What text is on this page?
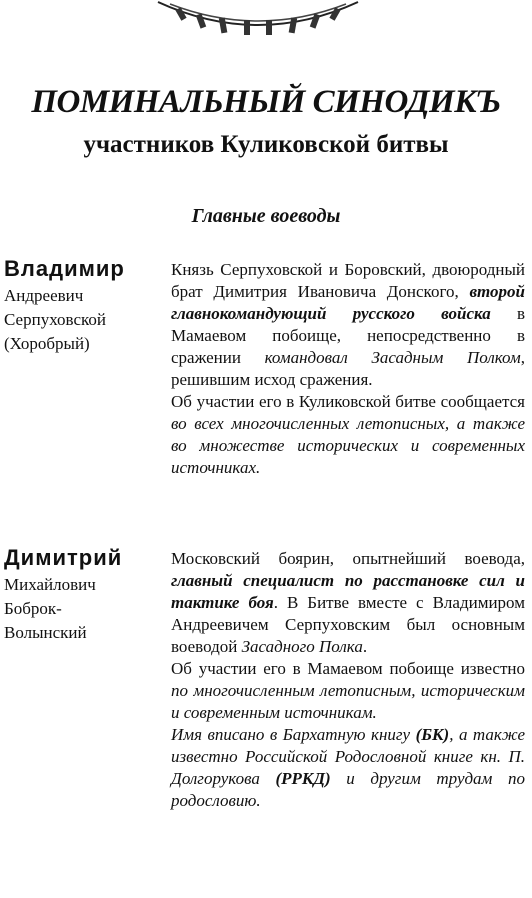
ПОМИНАЛЬНЫЙ СИНОДИКЪ
участников Куликовской битвы
Главные воеводы
Владимир
Андреевич
Серпуховской
(Хоробрый)

Князь Серпуховской и Боровский, двоюродный брат Димитрия Ивановича Донского, второй главнокомандующий русского войска в Мамаевом побоище, непосредственно в сражении командовал Засадным Полком, решившим исход сражения.

Об участии его в Куликовской битве сообщается во всех многочисленных летописных, а также во множестве исторических и современных источниках.

Димитрий
Михайлович
Боброк-
Волынский

Московский боярин, опытнейший воевода, главный специалист по расстановке сил и тактике боя. В Битве вместе с Владимиром Андреевичем Серпуховским был основным воеводой Засадного Полка.

Об участии его в Мамаевом побоище известно по многочисленным летописным, историческим и современным источникам.

Имя вписано в Бархатную книгу (БК), а также известно Российской Родословной книге кн. П. Долгорукова (РРКД) и другим трудам по родословию.
